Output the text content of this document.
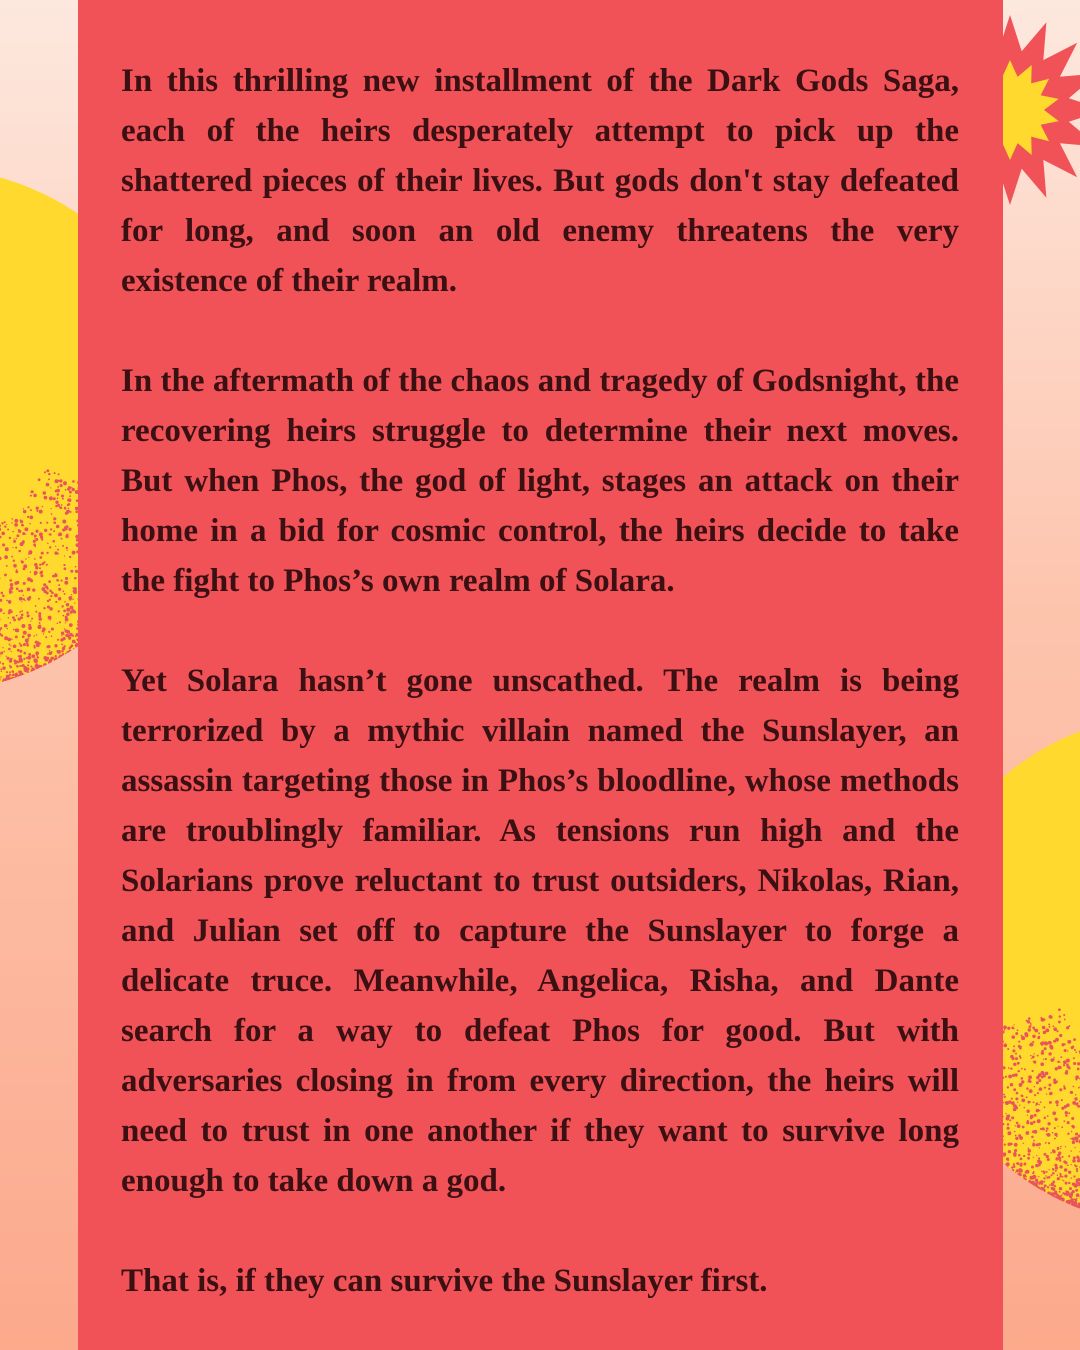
In this thrilling new installment of the Dark Gods Saga, each of the heirs desperately attempt to pick up the shattered pieces of their lives. But gods don't stay defeated for long, and soon an old enemy threatens the very existence of their realm.

In the aftermath of the chaos and tragedy of Godsnight, the recovering heirs struggle to determine their next moves. But when Phos, the god of light, stages an attack on their home in a bid for cosmic control, the heirs decide to take the fight to Phos’s own realm of Solara.

Yet Solara hasn’t gone unscathed. The realm is being terrorized by a mythic villain named the Sunslayer, an assassin targeting those in Phos’s bloodline, whose methods are troublingly familiar. As tensions run high and the Solarians prove reluctant to trust outsiders, Nikolas, Rian, and Julian set off to capture the Sunslayer to forge a delicate truce. Meanwhile, Angelica, Risha, and Dante search for a way to defeat Phos for good. But with adversaries closing in from every direction, the heirs will need to trust in one another if they want to survive long enough to take down a god.

That is, if they can survive the Sunslayer first.
